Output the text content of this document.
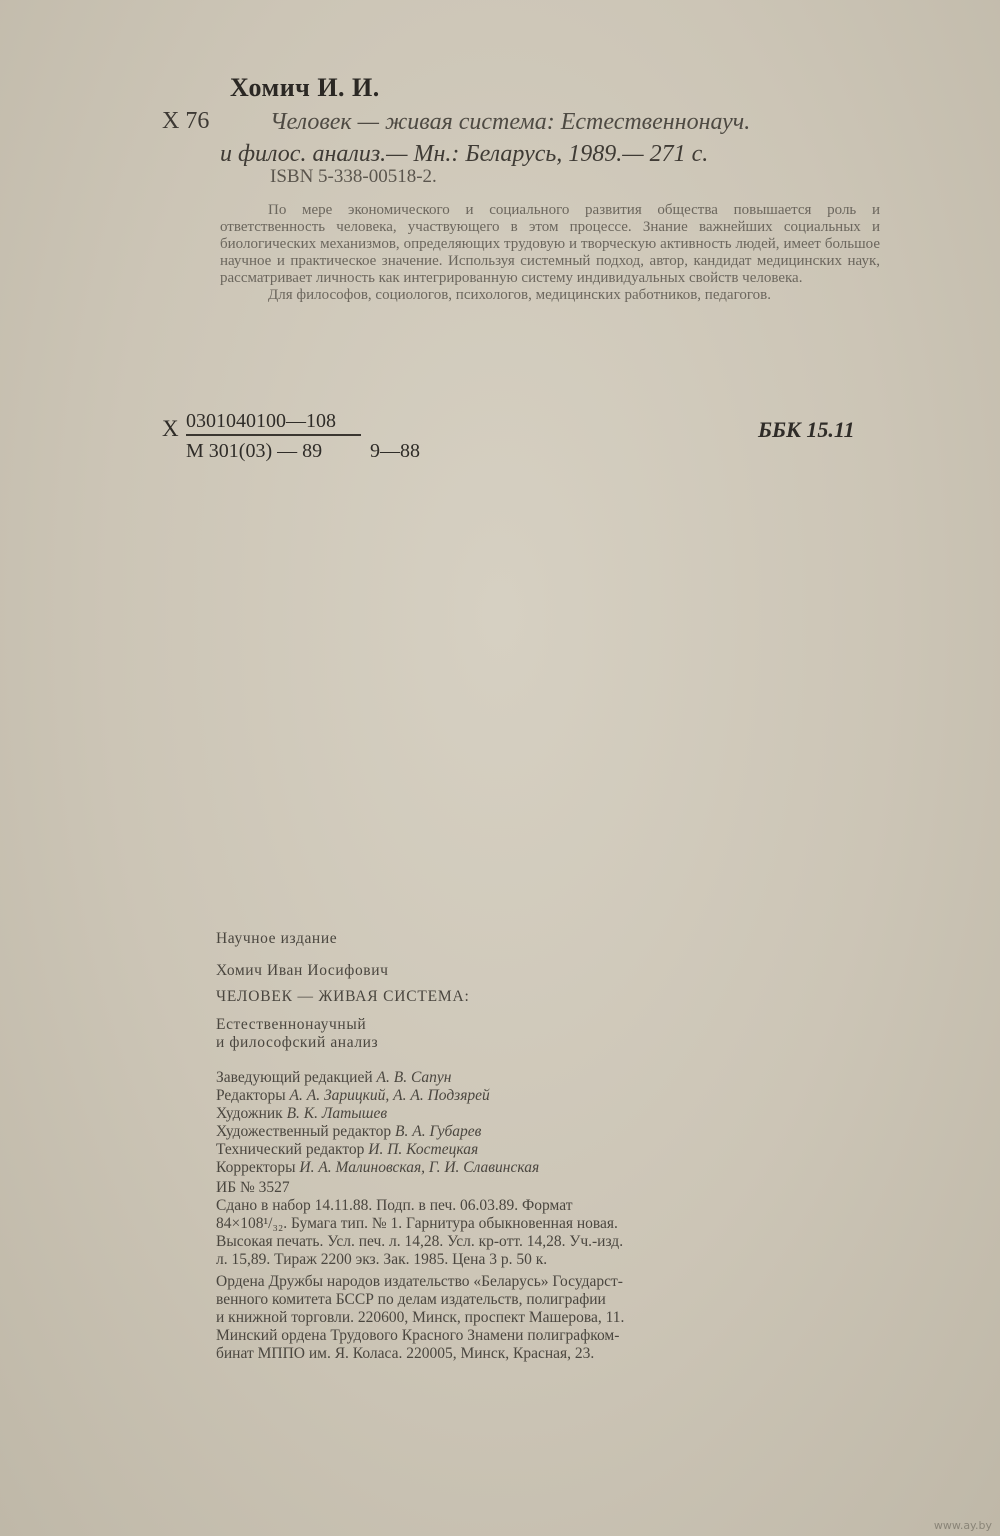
Хомич И. И.
Х 76	Человек — живая система: Естественнонауч.
и филос. анализ.— Мн.: Беларусь, 1989.— 271 с.
ISBN 5-338-00518-2.

По мере экономического и социального развития общества повышается роль и ответственность человека, участвующего в этом процессе. Знание важнейших социальных и биологических механизмов, определяющих трудовую и творческую активность людей, имеет большое научное и практическое значение. Используя системный подход, автор, кандидат медицинских наук, рассматривает личность как интегрированную систему индивидуальных свойств человека.

Для философов, социологов, психологов, медицинских работников, педагогов.

Х 0301040100—108
М 301(03) — 89	9—88
ББК 15.11
Научное издание
Хомич Иван Иосифович
ЧЕЛОВЕК — ЖИВАЯ СИСТЕМА:
Естественнонаучный
и философский анализ
Заведующий редакцией А. В. Сапун
Редакторы А. А. Зарицкий, А. А. Подзярей
Художник В. К. Латышев
Художественный редактор В. А. Губарев
Технический редактор И. П. Костецкая
Корректоры И. А. Малиновская, Г. И. Славинская
ИБ № 3527
Сдано в набор 14.11.88. Подп. в печ. 06.03.89. Формат
84×108¹/₃₂. Бумага тип. № 1. Гарнитура обыкновенная новая.
Высокая печать. Усл. печ. л. 14,28. Усл. кр-отт. 14,28. Уч.-изд.
л. 15,89. Тираж 2200 экз. Зак. 1985. Цена 3 р. 50 к.
Ордена Дружбы народов издательство «Беларусь» Государст-
венного комитета БССР по делам издательств, полиграфии
и книжной торговли. 220600, Минск, проспект Машерова, 11.
Минский ордена Трудового Красного Знамени полиграфком-
бинат МППО им. Я. Коласа. 220005, Минск, Красная, 23.
www.ay.by
